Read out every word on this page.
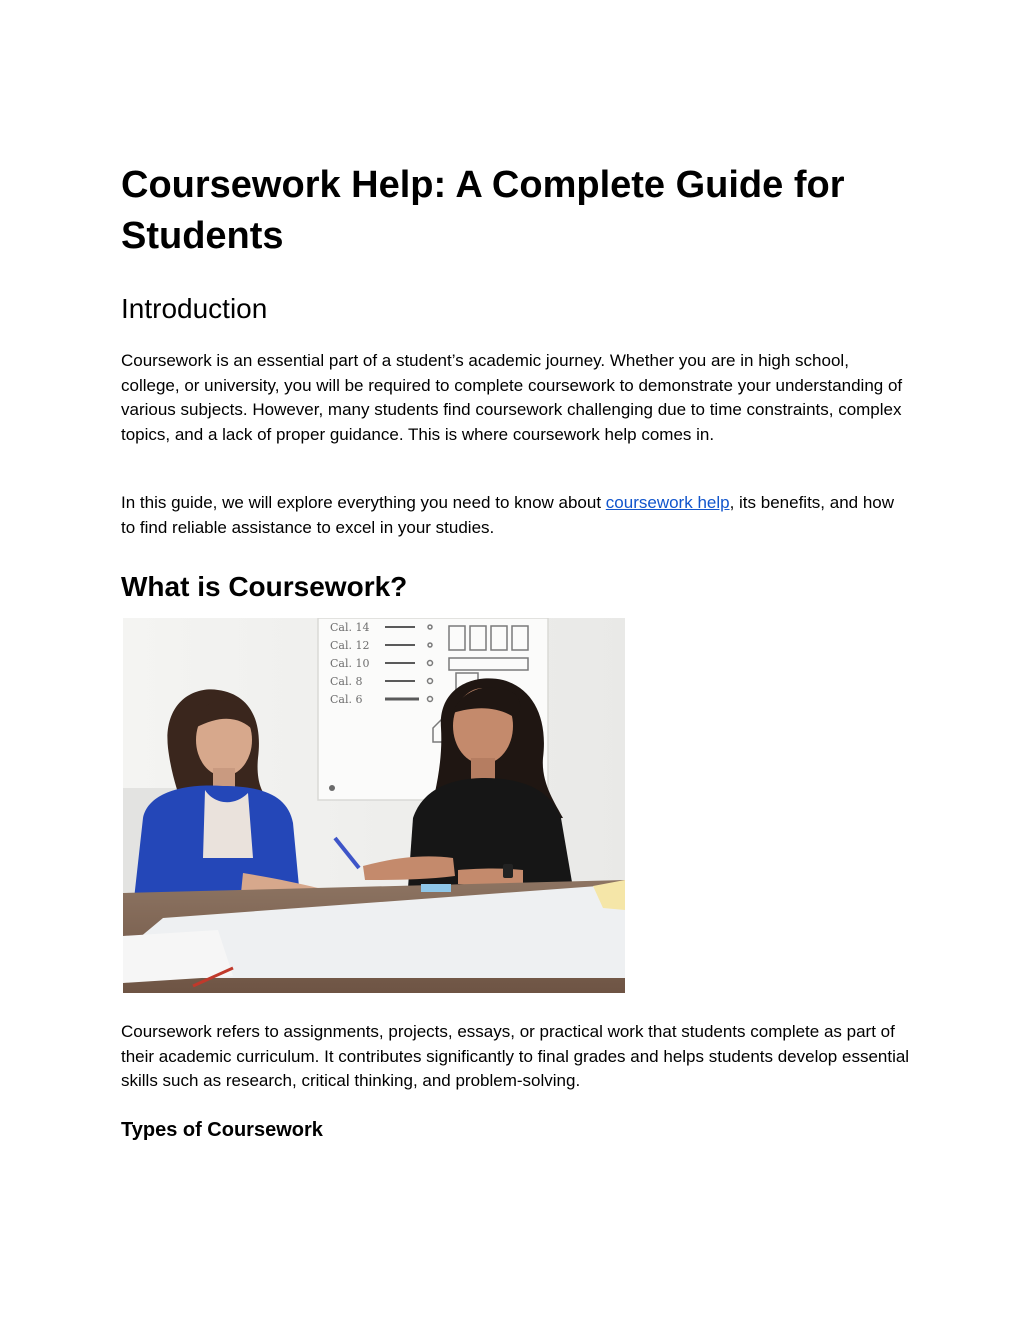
Coursework Help: A Complete Guide for Students
Introduction

Coursework is an essential part of a student’s academic journey. Whether you are in high school, college, or university, you will be required to complete coursework to demonstrate your understanding of various subjects. However, many students find coursework challenging due to time constraints, complex topics, and a lack of proper guidance. This is where coursework help comes in.

In this guide, we will explore everything you need to know about coursework help, its benefits, and how to find reliable assistance to excel in your studies.

What is Coursework?
Cal. 14
Cal. 12
Cal. 10
Cal. 8
Cal. 6

Coursework refers to assignments, projects, essays, or practical work that students complete as part of their academic curriculum. It contributes significantly to final grades and helps students develop essential skills such as research, critical thinking, and problem-solving.

Types of Coursework
